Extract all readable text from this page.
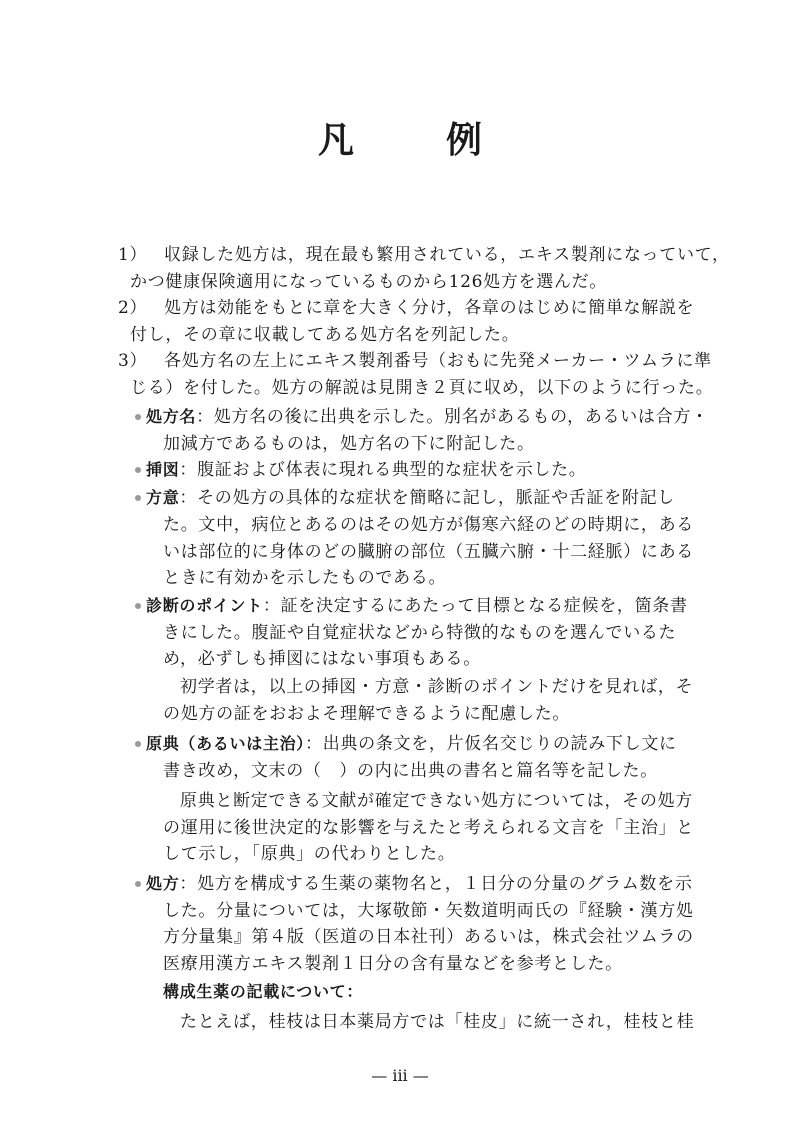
凡　例
1） 収録した処方は，現在最も繁用されている，エキス製剤になっていて，
かつ健康保険適用になっているものから126処方を選んだ。
2） 処方は効能をもとに章を大きく分け，各章のはじめに簡単な解説を
付し，その章に収載してある処方名を列記した。
3） 各処方名の左上にエキス製剤番号（おもに先発メーカー・ツムラに準
じる）を付した。処方の解説は見開き２頁に収め，以下のように行った。
処方名：処方名の後に出典を示した。別名があるもの，あるいは合方・
加減方であるものは，処方名の下に附記した。
挿図：腹証および体表に現れる典型的な症状を示した。
方意：その処方の具体的な症状を簡略に記し，脈証や舌証を附記し
た。文中，病位とあるのはその処方が傷寒六経のどの時期に，ある
いは部位的に身体のどの臓腑の部位（五臓六腑・十二経脈）にある
ときに有効かを示したものである。
診断のポイント：証を決定するにあたって目標となる症候を，箇条書
きにした。腹証や自覚症状などから特徴的なものを選んでいるた
め，必ずしも挿図にはない事項もある。
初学者は，以上の挿図・方意・診断のポイントだけを見れば，そ
の処方の証をおおよそ理解できるように配慮した。
原典（あるいは主治）：出典の条文を，片仮名交じりの読み下し文に
書き改め，文末の（　）の内に出典の書名と篇名等を記した。
原典と断定できる文献が確定できない処方については，その処方
の運用に後世決定的な影響を与えたと考えられる文言を「主治」と
して示し，「原典」の代わりとした。
処方：処方を構成する生薬の薬物名と，１日分の分量のグラム数を示
した。分量については，大塚敬節・矢数道明両氏の『経験・漢方処
方分量集』第４版（医道の日本社刊）あるいは，株式会社ツムラの
医療用漢方エキス製剤１日分の含有量などを参考とした。
構成生薬の記載について：
たとえば，桂枝は日本薬局方では「桂皮」に統一され，桂枝と桂
— iii —
